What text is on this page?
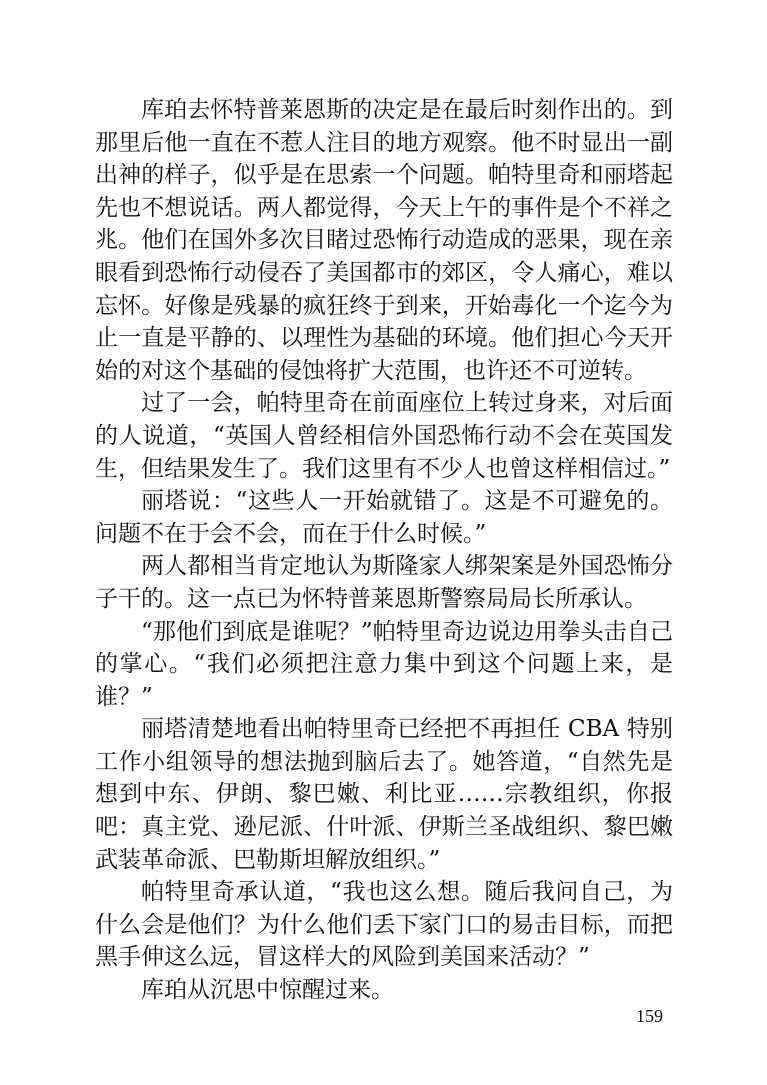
库珀去怀特普莱恩斯的决定是在最后时刻作出的。到那里后他一直在不惹人注目的地方观察。他不时显出一副出神的样子，似乎是在思索一个问题。帕特里奇和丽塔起先也不想说话。两人都觉得，今天上午的事件是个不祥之兆。他们在国外多次目睹过恐怖行动造成的恶果，现在亲眼看到恐怖行动侵吞了美国都市的郊区，令人痛心，难以忘怀。好像是残暴的疯狂终于到来，开始毒化一个迄今为止一直是平静的、以理性为基础的环境。他们担心今天开始的对这个基础的侵蚀将扩大范围，也许还不可逆转。

过了一会，帕特里奇在前面座位上转过身来，对后面的人说道，“英国人曾经相信外国恐怖行动不会在英国发生，但结果发生了。我们这里有不少人也曾这样相信过。”

丽塔说：“这些人一开始就错了。这是不可避免的。问题不在于会不会，而在于什么时候。”

两人都相当肯定地认为斯隆家人绑架案是外国恐怖分子干的。这一点已为怀特普莱恩斯警察局局长所承认。

“那他们到底是谁呢？”帕特里奇边说边用拳头击自己的掌心。“我们必须把注意力集中到这个问题上来，是谁？”

丽塔清楚地看出帕特里奇已经把不再担任 CBA 特别工作小组领导的想法抛到脑后去了。她答道，“自然先是想到中东、伊朗、黎巴嫩、利比亚……宗教组织，你报吧：真主党、逊尼派、什叶派、伊斯兰圣战组织、黎巴嫩武装革命派、巴勒斯坦解放组织。”

帕特里奇承认道，“我也这么想。随后我问自己，为什么会是他们？为什么他们丢下家门口的易击目标，而把黑手伸这么远，冒这样大的风险到美国来活动？”

库珀从沉思中惊醒过来。

159
